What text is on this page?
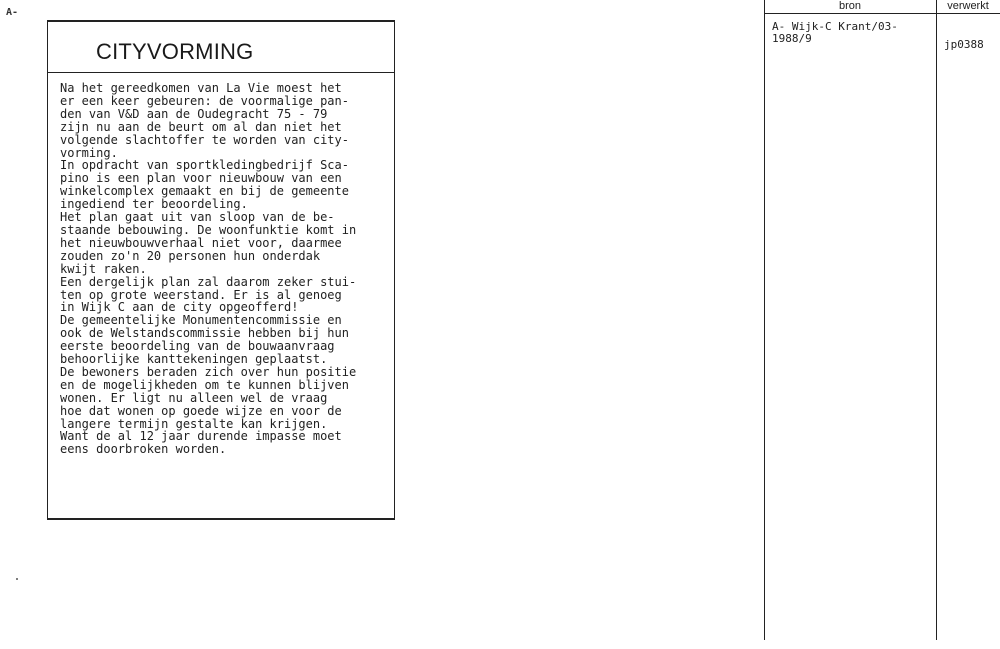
A-
CITYVORMING
Na het gereedkomen van La Vie moest het
er een keer gebeuren: de voormalige pan-
den van V&D aan de Oudegracht 75 - 79
zijn nu aan de beurt om al dan niet het
volgende slachtoffer te worden van city-
vorming.
In opdracht van sportkledingbedrijf Sca-
pino is een plan voor nieuwbouw van een
winkelcomplex gemaakt en bij de gemeente
ingediend ter beoordeling.
Het plan gaat uit van sloop van de be-
staande bebouwing. De woonfunktie komt in
het nieuwbouwverhaal niet voor, daarmee
zouden zo'n 20 personen hun onderdak
kwijt raken.
Een dergelijk plan zal daarom zeker stui-
ten op grote weerstand. Er is al genoeg
in Wijk C aan de city opgeofferd!
De gemeentelijke Monumentencommissie en
ook de Welstandscommissie hebben bij hun
eerste beoordeling van de bouwaanvraag
behoorlijke kanttekeningen geplaatst.
De bewoners beraden zich over hun positie
en de mogelijkheden om te kunnen blijven
wonen. Er ligt nu alleen wel de vraag
hoe dat wonen op goede wijze en voor de
langere termijn gestalte kan krijgen.
Want de al 12 jaar durende impasse moet
eens doorbroken worden.
bron	verwerkt
A- Wijk-C Krant/03-
1988/9	jp0388
